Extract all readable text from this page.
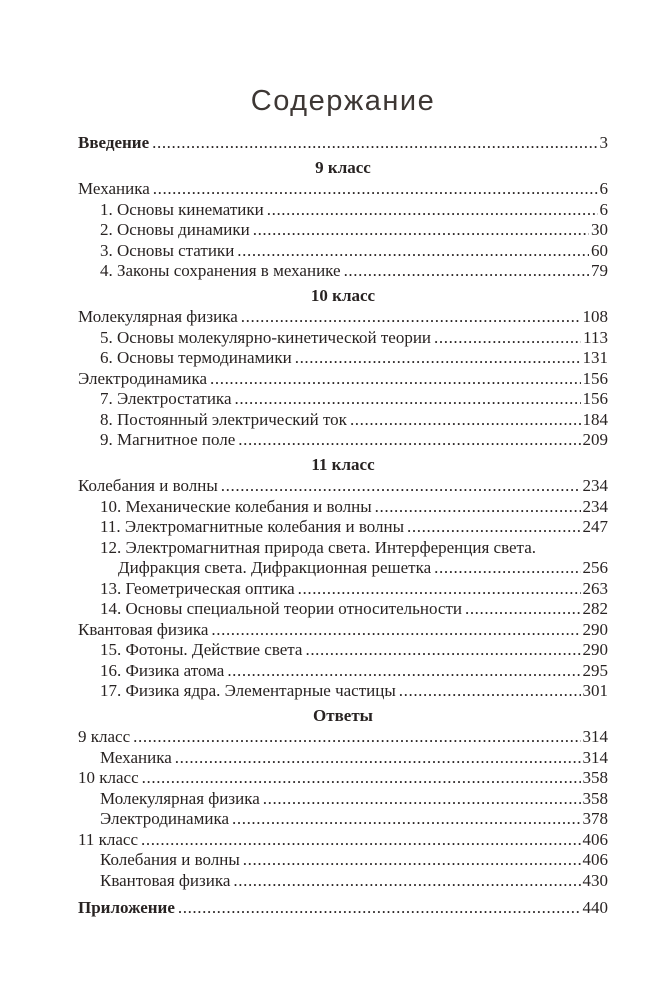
Содержание
Введение .....	3
9 класс
Механика .....	6
1. Основы кинематики .....	6
2. Основы динамики .....	30
3. Основы статики .....	60
4. Законы сохранения в механике .....	79
10 класс
Молекулярная физика .....	108
5. Основы молекулярно-кинетической теории .....	113
6. Основы термодинамики .....	131
Электродинамика .....	156
7. Электростатика .....	156
8. Постоянный электрический ток .....	184
9. Магнитное поле .....	209
11 класс
Колебания и волны .....	234
10. Механические колебания и волны .....	234
11. Электромагнитные колебания и волны .....	247
12. Электромагнитная природа света. Интерференция света.
Дифракция света. Дифракционная решетка .....	256
13. Геометрическая оптика .....	263
14. Основы специальной теории относительности .....	282
Квантовая физика .....	290
15. Фотоны. Действие света .....	290
16. Физика атома .....	295
17. Физика ядра. Элементарные частицы .....	301
Ответы
9 класс .....	314
Механика .....	314
10 класс .....	358
Молекулярная физика .....	358
Электродинамика .....	378
11 класс .....	406
Колебания и волны .....	406
Квантовая физика .....	430
Приложение .....	440
